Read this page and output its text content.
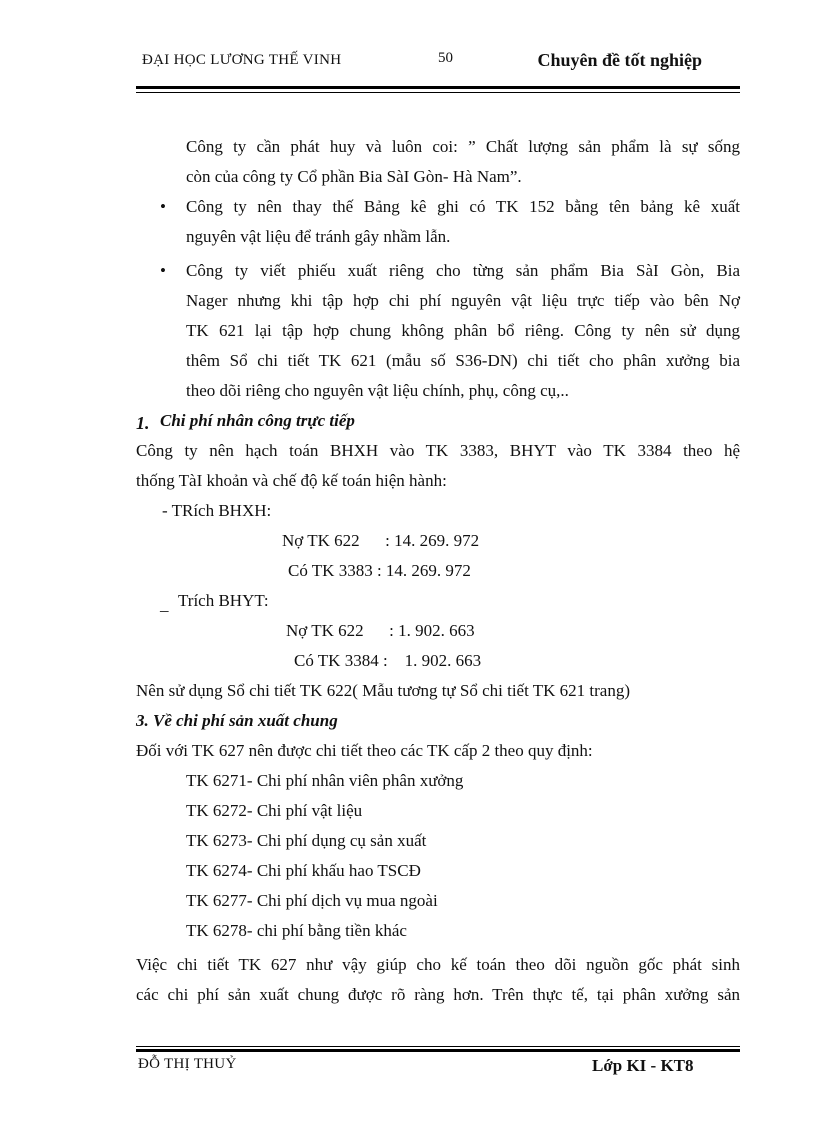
ĐẠI HỌC LƯƠNG THẾ VINH	50	Chuyên đề tốt nghiệp
Công ty cần phát huy và luôn coi: ” Chất lượng sản phẩm là sự sống
còn của công ty Cổ phần Bia SàI Gòn- Hà Nam”.
• Công ty nên thay thế Bảng kê ghi có TK 152 bằng tên bảng kê xuất
nguyên vật liệu để tránh gây nhầm lẫn.
• Công ty viết phiếu xuất riêng cho từng sản phẩm Bia SàI Gòn, Bia
Nager nhưng khi tập hợp chi phí nguyên vật liệu trực tiếp vào bên Nợ
TK 621 lại tập hợp chung không phân bổ riêng. Công ty nên sử dụng
thêm Sổ chi tiết TK 621 (mẫu số S36-DN) chi tiết cho phân xưởng bia
theo dõi riêng cho nguyên vật liệu chính, phụ, công cụ,..
1. Chi phí nhân công trực tiếp
Công ty nên hạch toán BHXH vào TK 3383, BHYT vào TK 3384 theo hệ
thống TàI khoản và chế độ kế toán hiện hành:
- TRích BHXH:
Nợ TK 622      : 14. 269. 972
Có TK 3383 : 14. 269. 972
_ Trích BHYT:
Nợ TK 622      : 1. 902. 663
Có TK 3384 :    1. 902. 663
Nên sử dụng Sổ chi tiết TK 622( Mẫu tương tự Sổ chi tiết TK 621 trang)
3. Về chi phí sản xuất chung
Đối với TK 627 nên được chi tiết theo các TK cấp 2 theo quy định:
TK 6271- Chi phí nhân viên phân xưởng
TK 6272- Chi phí vật liệu
TK 6273- Chi phí dụng cụ sản xuất
TK 6274- Chi phí khấu hao TSCĐ
TK 6277- Chi phí dịch vụ mua ngoài
TK 6278- chi phí bằng tiền khác
Việc chi tiết TK 627 như vậy giúp cho kế toán theo dõi nguồn gốc phát sinh
các chi phí sản xuất chung được rõ ràng hơn. Trên thực tế, tại phân xưởng sản
ĐỖ THỊ THUỶ	Lớp KI - KT8
